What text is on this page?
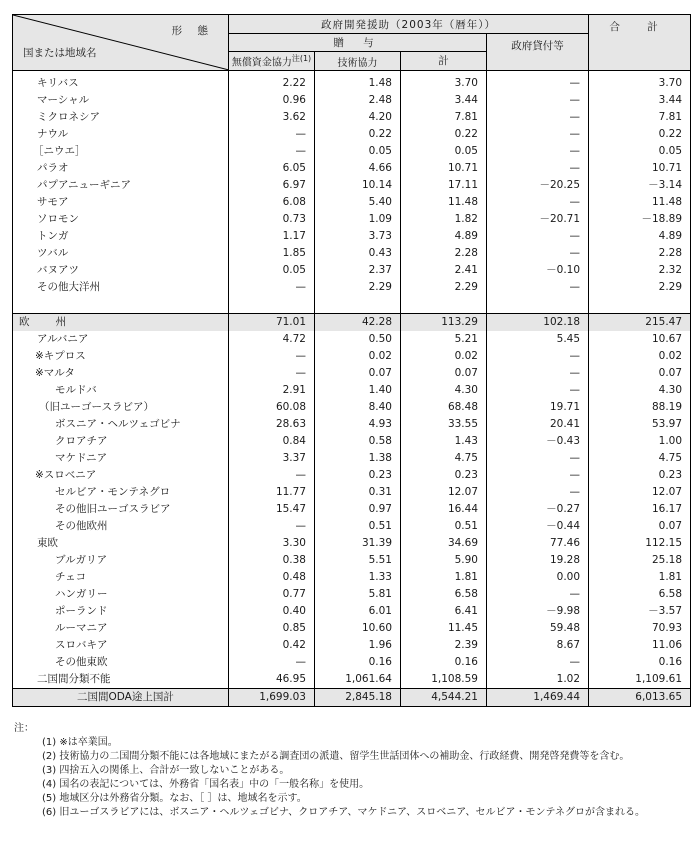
形 態
国または地域名	政府開発援助（2003年（暦年））				合 計
	贈 与			政府貸付等	
	無償資金協力$^{注(1)}$	技術協力	計		
キリバス	2.22	1.48	3.70	—	3.70
マーシャル	0.96	2.48	3.44	—	3.44
ミクロネシア	3.62	4.20	7.81	—	7.81
ナウル	—	0.22	0.22	—	0.22
［ニウエ］	—	0.05	0.05	—	0.05
パラオ	6.05	4.66	10.71	—	10.71
パプアニューギニア	6.97	10.14	17.11	－20.25	－3.14
サモア	6.08	5.40	11.48	—	11.48
ソロモン	0.73	1.09	1.82	－20.71	－18.89
トンガ	1.17	3.73	4.89	—	4.89
ツバル	1.85	0.43	2.28	—	2.28
バヌアツ	0.05	2.37	2.41	－0.10	2.32
その他大洋州	—	2.29	2.29	—	2.29

欧州	71.01	42.28	113.29	102.18	215.47
アルバニア	4.72	0.50	5.21	5.45	10.67
※キプロス	—	0.02	0.02	—	0.02
※マルタ	—	0.07	0.07	—	0.07
モルドバ	2.91	1.40	4.30	—	4.30
（旧ユーゴースラビア）	60.08	8.40	68.48	19.71	88.19
ボスニア・ヘルツェゴビナ	28.63	4.93	33.55	20.41	53.97
クロアチア	0.84	0.58	1.43	－0.43	1.00
マケドニア	3.37	1.38	4.75	—	4.75
※スロベニア	—	0.23	0.23	—	0.23
セルビア・モンテネグロ	11.77	0.31	12.07	—	12.07
その他旧ユーゴスラビア	15.47	0.97	16.44	－0.27	16.17
その他欧州	—	0.51	0.51	－0.44	0.07
東欧	3.30	31.39	34.69	77.46	112.15
ブルガリア	0.38	5.51	5.90	19.28	25.18
チェコ	0.48	1.33	1.81	0.00	1.81
ハンガリー	0.77	5.81	6.58	—	6.58
ポーランド	0.40	6.01	6.41	－9.98	－3.57
ルーマニア	0.85	10.60	11.45	59.48	70.93
スロバキア	0.42	1.96	2.39	8.67	11.06
その他東欧	—	0.16	0.16	—	0.16
二国間分類不能	46.95	1,061.64	1,108.59	1.02	1,109.61
二国間ODA途上国計	1,699.03	2,845.18	4,544.21	1,469.44	6,013.65
注：
(1) ※は卒業国。
(2) 技術協力の二国間分類不能には各地域にまたがる調査団の派遣、留学生世話団体への補助金、行政経費、開発啓発費等を含む。
(3) 四捨五入の関係上、合計が一致しないことがある。
(4) 国名の表記については、外務省「国名表」中の「一般名称」を使用。
(5) 地域区分は外務省分類。なお、［ ］は、地域名を示す。
(6) 旧ユーゴスラビアには、ボスニア・ヘルツェゴビナ、クロアチア、マケドニア、スロベニア、セルビア・モンテネグロが含まれる。
